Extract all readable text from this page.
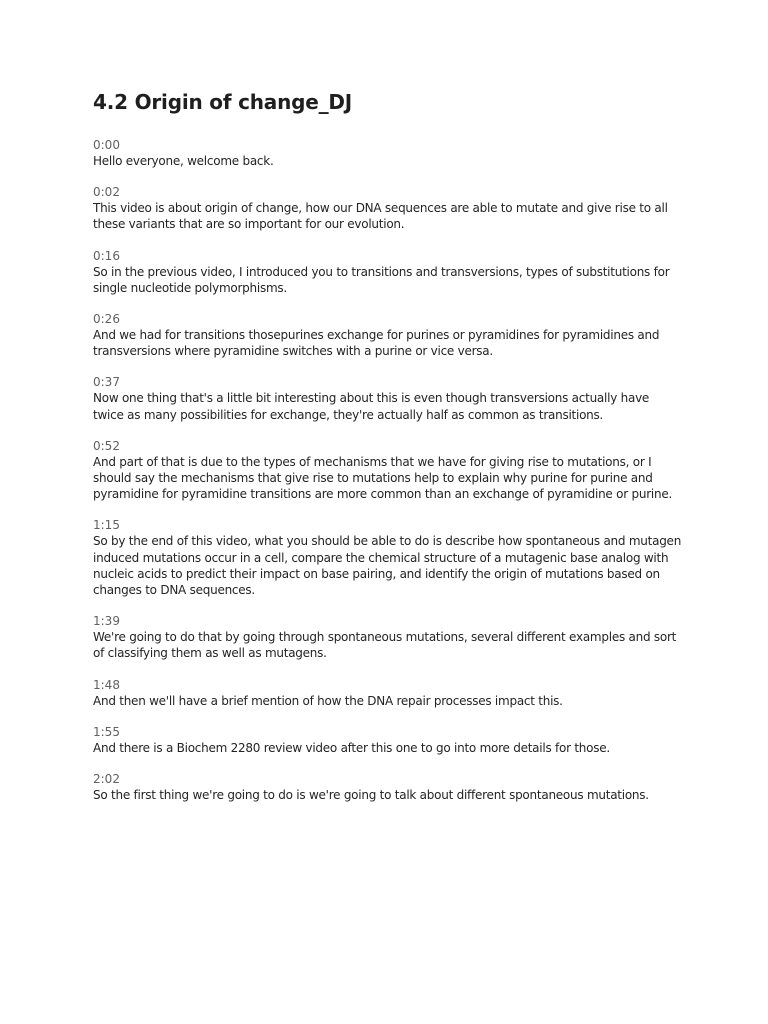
4.2 Origin of change_DJ
0:00
Hello everyone, welcome back.
0:02
This video is about origin of change, how our DNA sequences are able to mutate and give rise to all these variants that are so important for our evolution.
0:16
So in the previous video, I introduced you to transitions and transversions, types of substitutions for single nucleotide polymorphisms.
0:26
And we had for transitions thosepurines exchange for purines or pyramidines for pyramidines and transversions where pyramidine switches with a purine or vice versa.
0:37
Now one thing that's a little bit interesting about this is even though transversions actually have twice as many possibilities for exchange, they're actually half as common as transitions.
0:52
And part of that is due to the types of mechanisms that we have for giving rise to mutations, or I should say the mechanisms that give rise to mutations help to explain why purine for purine and pyramidine for pyramidine transitions are more common than an exchange of pyramidine or purine.
1:15
So by the end of this video, what you should be able to do is describe how spontaneous and mutagen induced mutations occur in a cell, compare the chemical structure of a mutagenic base analog with nucleic acids to predict their impact on base pairing, and identify the origin of mutations based on changes to DNA sequences.
1:39
We're going to do that by going through spontaneous mutations, several different examples and sort of classifying them as well as mutagens.
1:48
And then we'll have a brief mention of how the DNA repair processes impact this.
1:55
And there is a Biochem 2280 review video after this one to go into more details for those.
2:02
So the first thing we're going to do is we're going to talk about different spontaneous mutations.
